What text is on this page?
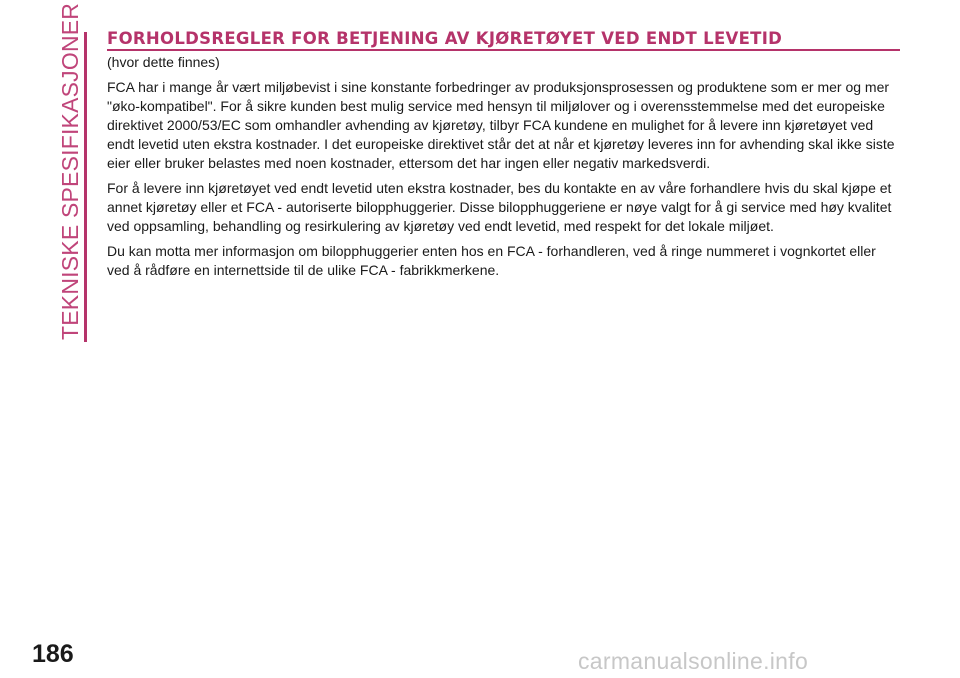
TEKNISKE SPESIFIKASJONER FORHOLDSREGLER FOR BETJENING AV KJØRETØYET VED ENDT LEVETID

(hvor dette finnes)

FCA har i mange år vært miljøbevist i sine konstante forbedringer av produksjonsprosessen og produktene som er mer og mer "øko-kompatibel". For å sikre kunden best mulig service med hensyn til miljølover og i overensstemmelse med det europeiske direktivet 2000/53/EC som omhandler avhending av kjøretøy, tilbyr FCA kundene en mulighet for å levere inn kjøretøyet ved endt levetid uten ekstra kostnader. I det europeiske direktivet står det at når et kjøretøy leveres inn for avhending skal ikke siste eier eller bruker belastes med noen kostnader, ettersom det har ingen eller negativ markedsverdi.

For å levere inn kjøretøyet ved endt levetid uten ekstra kostnader, bes du kontakte en av våre forhandlere hvis du skal kjøpe et annet kjøretøy eller et FCA - autoriserte bilopphuggerier. Disse bilopphuggeriene er nøye valgt for å gi service med høy kvalitet ved oppsamling, behandling og resirkulering av kjøretøy ved endt levetid, med respekt for det lokale miljøet.

Du kan motta mer informasjon om bilopphuggerier enten hos en FCA - forhandleren, ved å ringe nummeret i vognkortet eller ved å rådføre en internettside til de ulike FCA - fabrikkmerkene.

186	carmanualsonline.info
